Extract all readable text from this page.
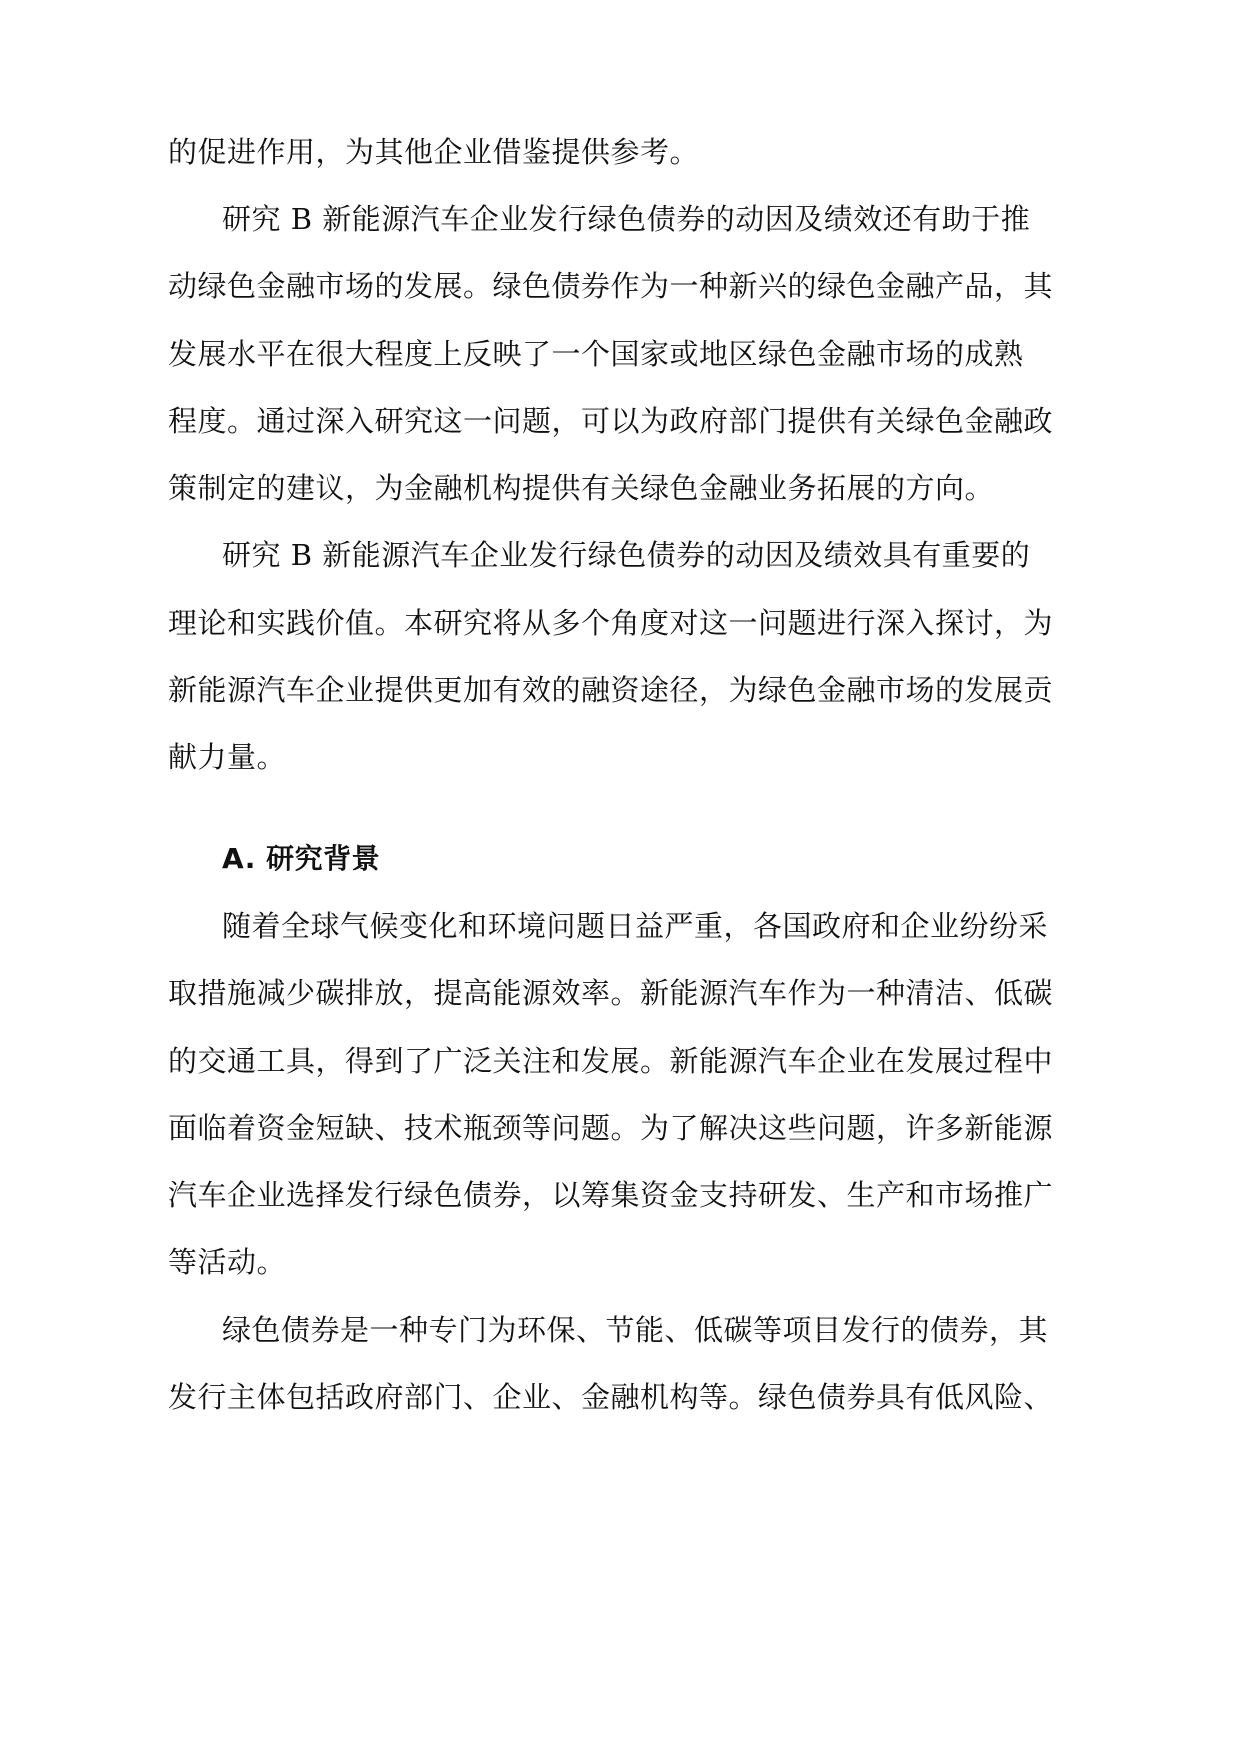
的促进作用，为其他企业借鉴提供参考。
研究 B 新能源汽车企业发行绿色债券的动因及绩效还有助于推
动绿色金融市场的发展。绿色债券作为一种新兴的绿色金融产品，其
发展水平在很大程度上反映了一个国家或地区绿色金融市场的成熟
程度。通过深入研究这一问题，可以为政府部门提供有关绿色金融政
策制定的建议，为金融机构提供有关绿色金融业务拓展的方向。
研究 B 新能源汽车企业发行绿色债券的动因及绩效具有重要的
理论和实践价值。本研究将从多个角度对这一问题进行深入探讨，为
新能源汽车企业提供更加有效的融资途径，为绿色金融市场的发展贡
献力量。
A. 研究背景
随着全球气候变化和环境问题日益严重，各国政府和企业纷纷采
取措施减少碳排放，提高能源效率。新能源汽车作为一种清洁、低碳
的交通工具，得到了广泛关注和发展。新能源汽车企业在发展过程中
面临着资金短缺、技术瓶颈等问题。为了解决这些问题，许多新能源
汽车企业选择发行绿色债券，以筹集资金支持研发、生产和市场推广
等活动。
绿色债券是一种专门为环保、节能、低碳等项目发行的债券，其
发行主体包括政府部门、企业、金融机构等。绿色债券具有低风险、
